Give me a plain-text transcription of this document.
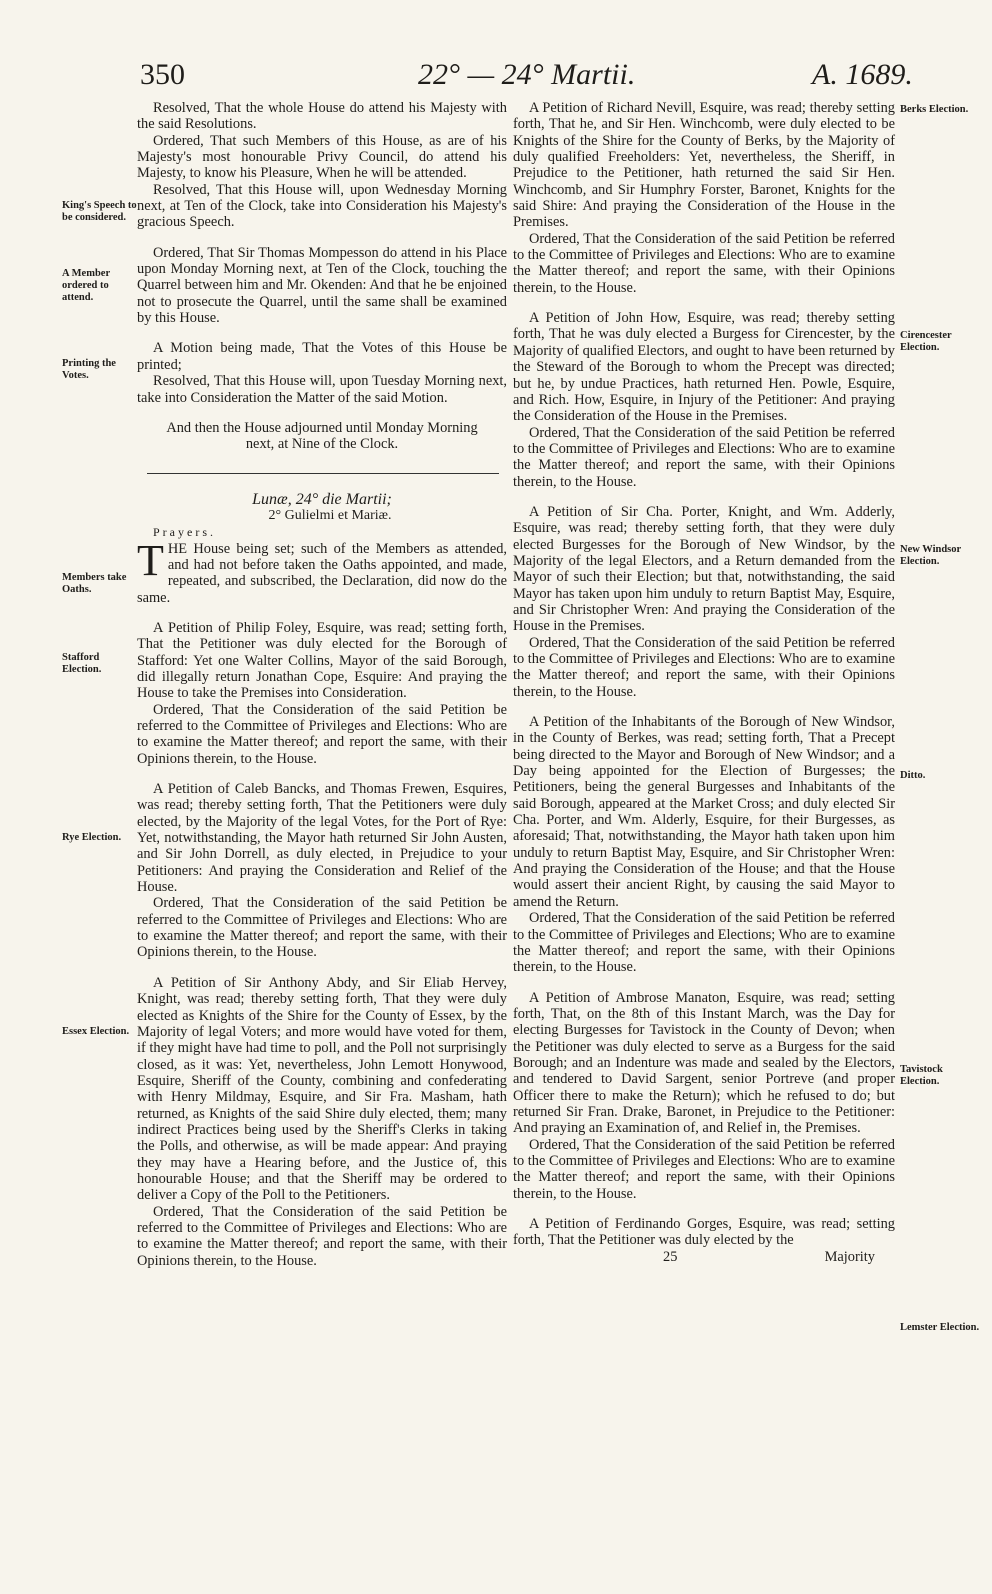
350	22° — 24° Martii.	A. 1689.
King's Speech to be considered.
A Member ordered to attend.
Printing the Votes.
Members take Oaths.
Stafford Election.
Rye Election.
Essex Election.
Berks Election.
Cirencester Election.
New Windsor Election.
Ditto.
Tavistock Election.
Lemster Election.

Resolved, That the whole House do attend his Majesty with the said Resolutions.

Ordered, That such Members of this House, as are of his Majesty's most honourable Privy Council, do attend his Majesty, to know his Pleasure, When he will be attended.

Resolved, That this House will, upon Wednesday Morning next, at Ten of the Clock, take into Consideration his Majesty's gracious Speech.

Ordered, That Sir Thomas Mompesson do attend in his Place upon Monday Morning next, at Ten of the Clock, touching the Quarrel between him and Mr. Okenden: And that he be enjoined not to prosecute the Quarrel, until the same shall be examined by this House.

A Motion being made, That the Votes of this House be printed;

Resolved, That this House will, upon Tuesday Morning next, take into Consideration the Matter of the said Motion.

And then the House adjourned until Monday Morning next, at Nine of the Clock.

Lunæ, 24° die Martii;

2° Gulielmi et Mariæ.

Prayers.

THE House being set; such of the Members as attended, and had not before taken the Oaths appointed, and made, repeated, and subscribed, the Declaration, did now do the same.

A Petition of Philip Foley, Esquire, was read; setting forth, That the Petitioner was duly elected for the Borough of Stafford: Yet one Walter Collins, Mayor of the said Borough, did illegally return Jonathan Cope, Esquire: And praying the House to take the Premises into Consideration.

Ordered, That the Consideration of the said Petition be referred to the Committee of Privileges and Elections: Who are to examine the Matter thereof; and report the same, with their Opinions therein, to the House.

A Petition of Caleb Bancks, and Thomas Frewen, Esquires, was read; thereby setting forth, That the Petitioners were duly elected, by the Majority of the legal Votes, for the Port of Rye: Yet, notwithstanding, the Mayor hath returned Sir John Austen, and Sir John Dorrell, as duly elected, in Prejudice to your Petitioners: And praying the Consideration and Relief of the House.

Ordered, That the Consideration of the said Petition be referred to the Committee of Privileges and Elections: Who are to examine the Matter thereof; and report the same, with their Opinions therein, to the House.

A Petition of Sir Anthony Abdy, and Sir Eliab Hervey, Knight, was read; thereby setting forth, That they were duly elected as Knights of the Shire for the County of Essex, by the Majority of legal Voters; and more would have voted for them, if they might have had time to poll, and the Poll not surprisingly closed, as it was: Yet, nevertheless, John Lemott Honywood, Esquire, Sheriff of the County, combining and confederating with Henry Mildmay, Esquire, and Sir Fra. Masham, hath returned, as Knights of the said Shire duly elected, them; many indirect Practices being used by the Sheriff's Clerks in taking the Polls, and otherwise, as will be made appear: And praying they may have a Hearing before, and the Justice of, this honourable House; and that the Sheriff may be ordered to deliver a Copy of the Poll to the Petitioners.

Ordered, That the Consideration of the said Petition be referred to the Committee of Privileges and Elections: Who are to examine the Matter thereof; and report the same, with their Opinions therein, to the House.

A Petition of Richard Nevill, Esquire, was read; thereby setting forth, That he, and Sir Hen. Winchcomb, were duly elected to be Knights of the Shire for the County of Berks, by the Majority of duly qualified Freeholders: Yet, nevertheless, the Sheriff, in Prejudice to the Petitioner, hath returned the said Sir Hen. Winchcomb, and Sir Humphry Forster, Baronet, Knights for the said Shire: And praying the Consideration of the House in the Premises.

Ordered, That the Consideration of the said Petition be referred to the Committee of Privileges and Elections: Who are to examine the Matter thereof; and report the same, with their Opinions therein, to the House.

A Petition of John How, Esquire, was read; thereby setting forth, That he was duly elected a Burgess for Cirencester, by the Majority of qualified Electors, and ought to have been returned by the Steward of the Borough to whom the Precept was directed; but he, by undue Practices, hath returned Hen. Powle, Esquire, and Rich. How, Esquire, in Injury of the Petitioner: And praying the Consideration of the House in the Premises.

Ordered, That the Consideration of the said Petition be referred to the Committee of Privileges and Elections: Who are to examine the Matter thereof; and report the same, with their Opinions therein, to the House.

A Petition of Sir Cha. Porter, Knight, and Wm. Adderly, Esquire, was read; thereby setting forth, that they were duly elected Burgesses for the Borough of New Windsor, by the Majority of the legal Electors, and a Return demanded from the Mayor of such their Election; but that, notwithstanding, the said Mayor has taken upon him unduly to return Baptist May, Esquire, and Sir Christopher Wren: And praying the Consideration of the House in the Premises.

Ordered, That the Consideration of the said Petition be referred to the Committee of Privileges and Elections: Who are to examine the Matter thereof; and report the same, with their Opinions therein, to the House.

A Petition of the Inhabitants of the Borough of New Windsor, in the County of Berkes, was read; setting forth, That a Precept being directed to the Mayor and Borough of New Windsor; and a Day being appointed for the Election of Burgesses; the Petitioners, being the general Burgesses and Inhabitants of the said Borough, appeared at the Market Cross; and duly elected Sir Cha. Porter, and Wm. Alderly, Esquire, for their Burgesses, as aforesaid; That, notwithstanding, the Mayor hath taken upon him unduly to return Baptist May, Esquire, and Sir Christopher Wren: And praying the Consideration of the House; and that the House would assert their ancient Right, by causing the said Mayor to amend the Return.

Ordered, That the Consideration of the said Petition be referred to the Committee of Privileges and Elections; Who are to examine the Matter thereof; and report the same, with their Opinions therein, to the House.

A Petition of Ambrose Manaton, Esquire, was read; setting forth, That, on the 8th of this Instant March, was the Day for electing Burgesses for Tavistock in the County of Devon; when the Petitioner was duly elected to serve as a Burgess for the said Borough; and an Indenture was made and sealed by the Electors, and tendered to David Sargent, senior Portreve (and proper Officer there to make the Return); which he refused to do; but returned Sir Fran. Drake, Baronet, in Prejudice to the Petitioner: And praying an Examination of, and Relief in, the Premises.

Ordered, That the Consideration of the said Petition be referred to the Committee of Privileges and Elections: Who are to examine the Matter thereof; and report the same, with their Opinions therein, to the House.

A Petition of Ferdinando Gorges, Esquire, was read; setting forth, That the Petitioner was duly elected by the

25	Majority
